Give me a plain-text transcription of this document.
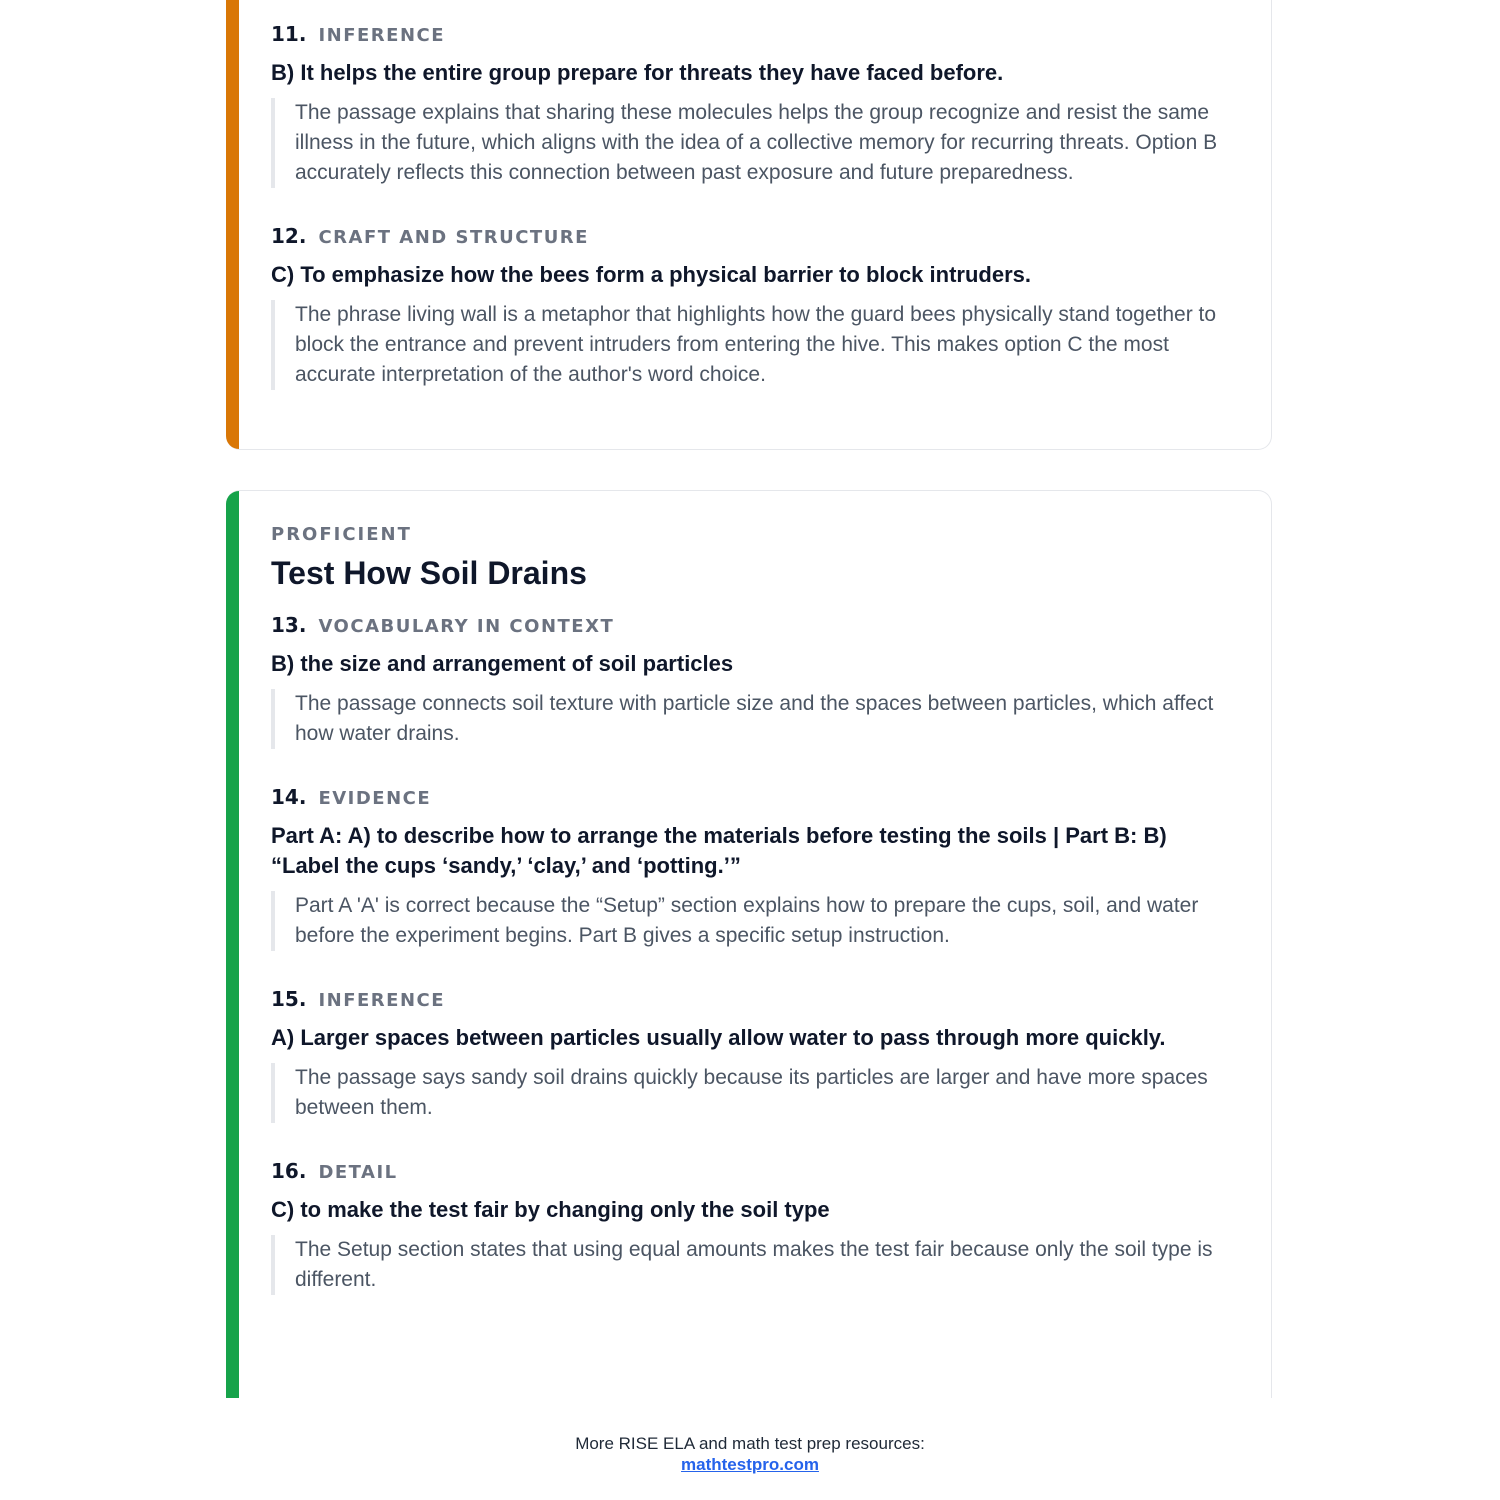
11. INFERENCE

B) It helps the entire group prepare for threats they have faced before.

The passage explains that sharing these molecules helps the group recognize and resist the same illness in the future, which aligns with the idea of a collective memory for recurring threats. Option B accurately reflects this connection between past exposure and future preparedness.

12. CRAFT AND STRUCTURE

C) To emphasize how the bees form a physical barrier to block intruders.

The phrase living wall is a metaphor that highlights how the guard bees physically stand together to block the entrance and prevent intruders from entering the hive. This makes option C the most accurate interpretation of the author's word choice.

PROFICIENT

Test How Soil Drains
13. VOCABULARY IN CONTEXT

B) the size and arrangement of soil particles

The passage connects soil texture with particle size and the spaces between particles, which affect how water drains.

14. EVIDENCE

Part A: A) to describe how to arrange the materials before testing the soils | Part B: B) “Label the cups ‘sandy,’ ‘clay,’ and ‘potting.’”

Part A 'A' is correct because the “Setup” section explains how to prepare the cups, soil, and water before the experiment begins. Part B gives a specific setup instruction.

15. INFERENCE

A) Larger spaces between particles usually allow water to pass through more quickly.

The passage says sandy soil drains quickly because its particles are larger and have more spaces between them.

16. DETAIL

C) to make the test fair by changing only the soil type

The Setup section states that using equal amounts makes the test fair because only the soil type is different.

More RISE ELA and math test prep resources:
mathtestpro.com
